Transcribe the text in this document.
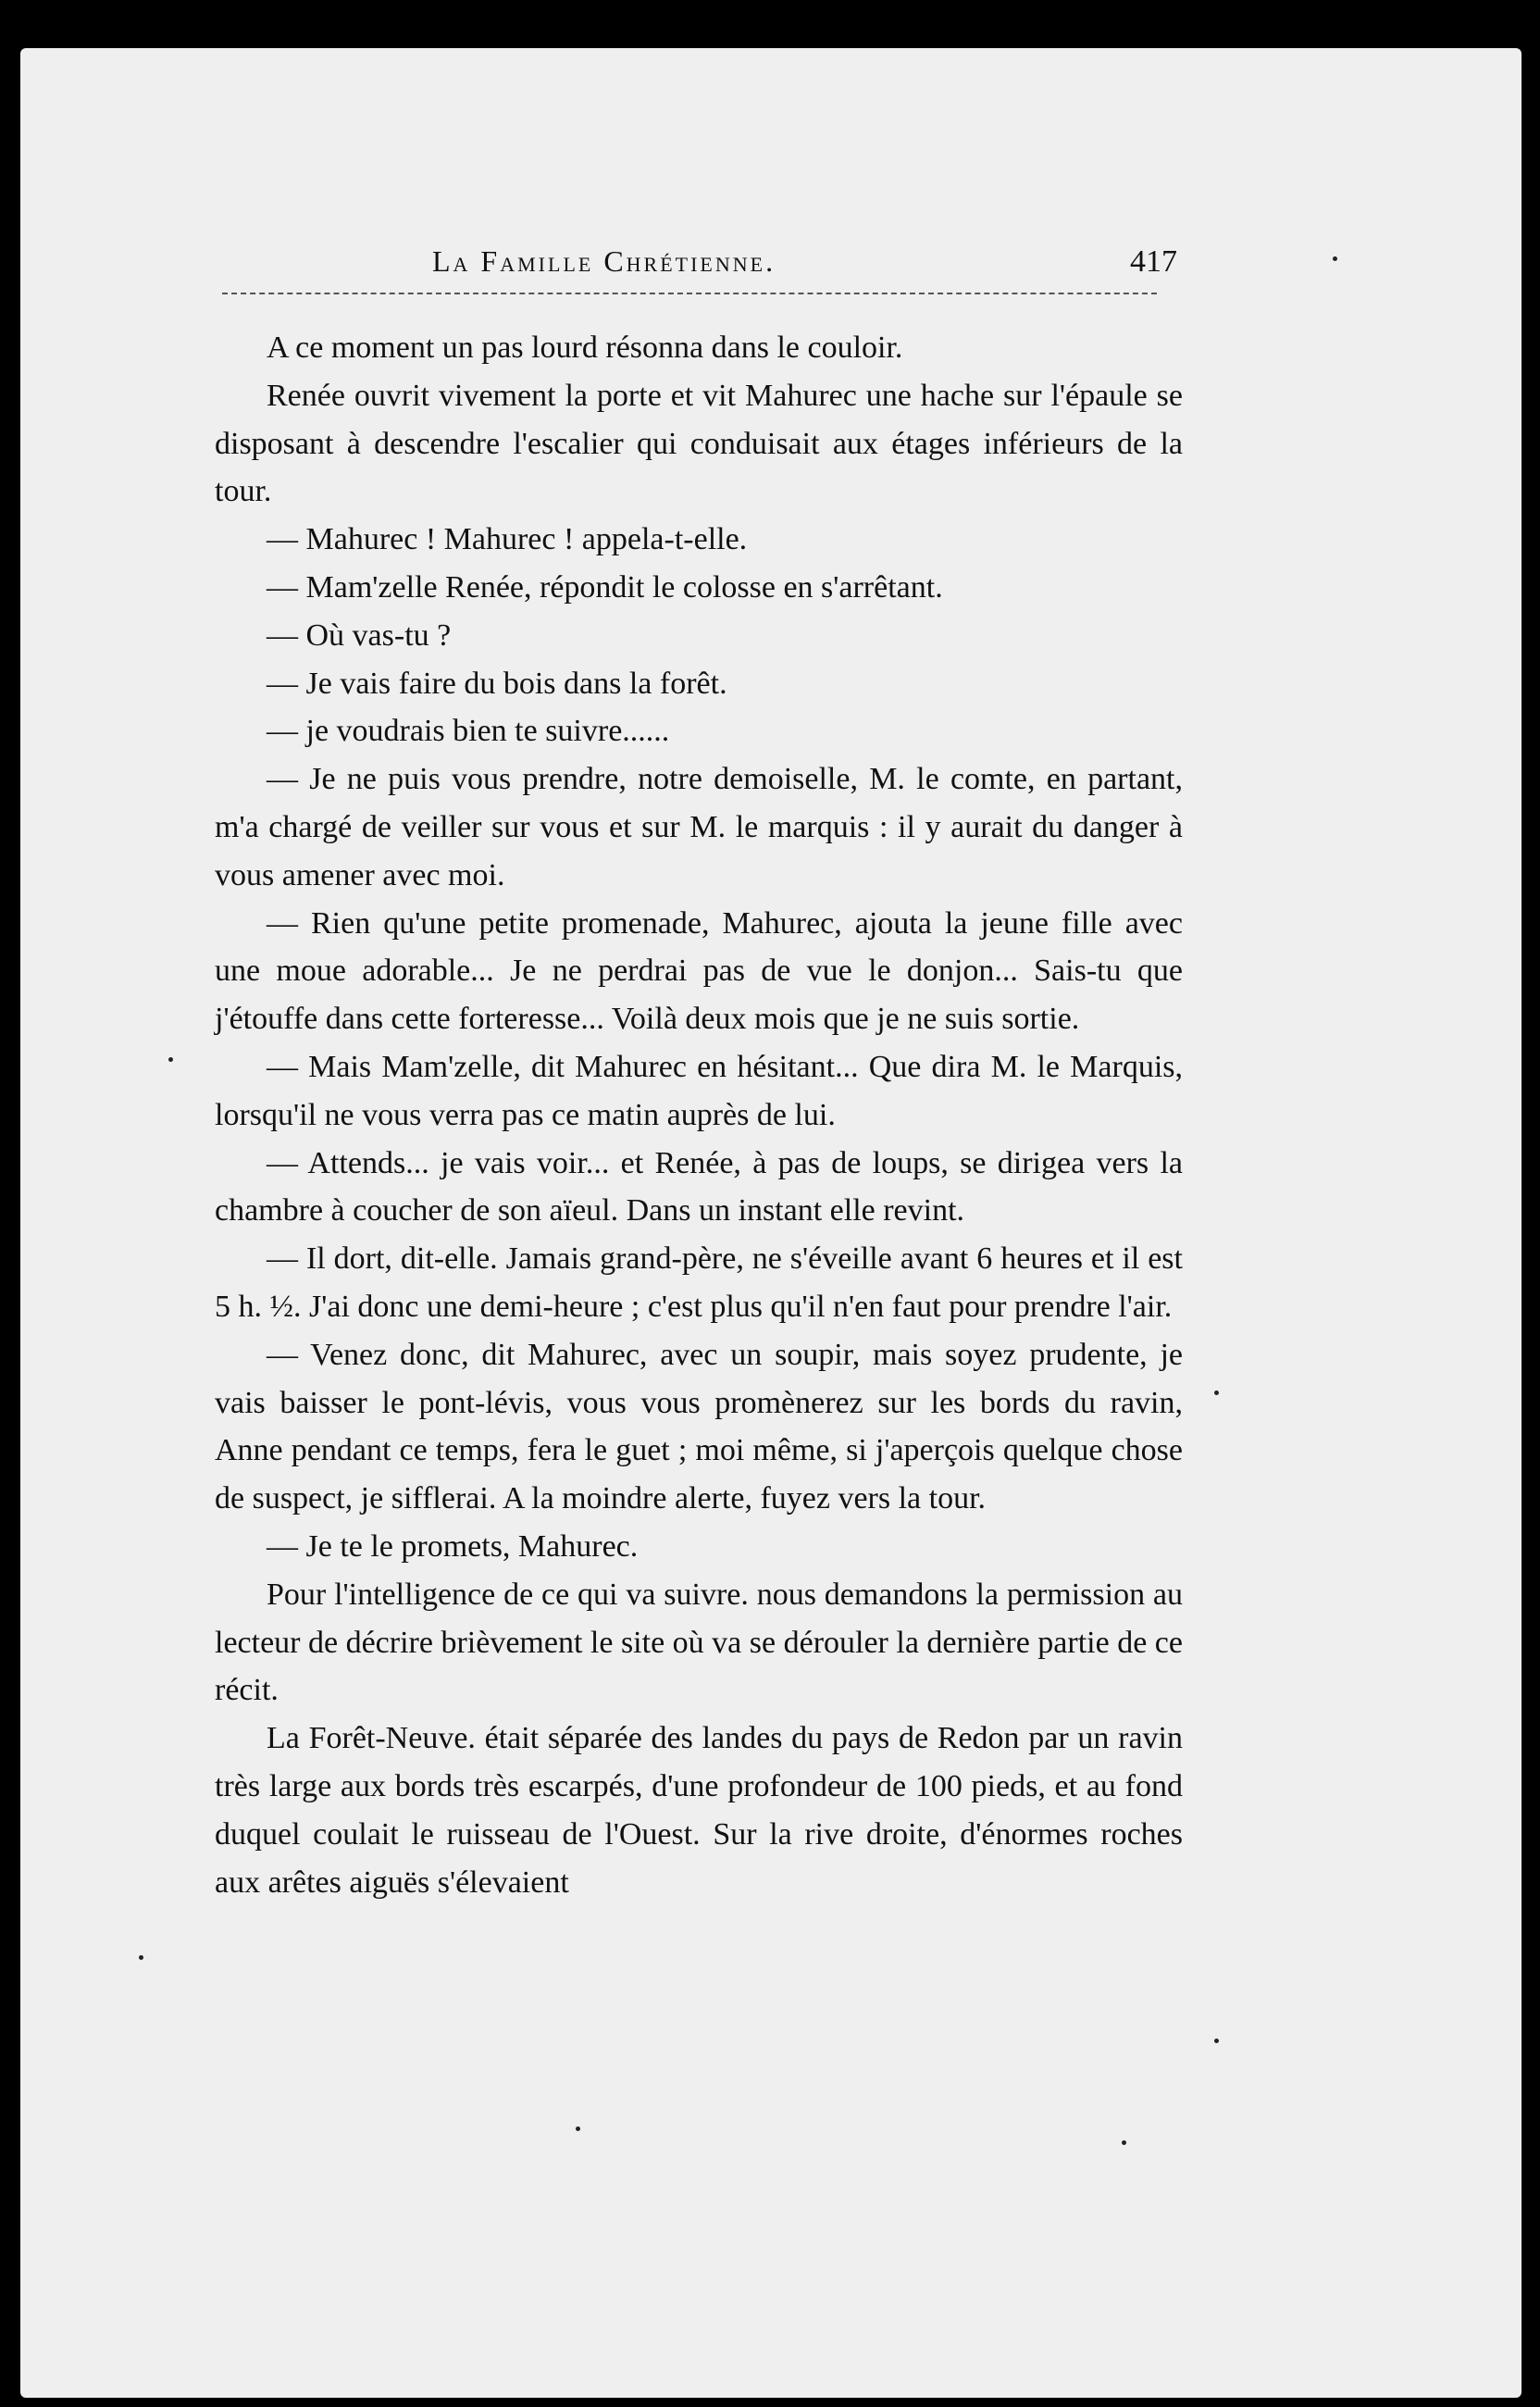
La Famille Chrétienne.	417

A ce moment un pas lourd résonna dans le couloir.

Renée ouvrit vivement la porte et vit Mahurec une hache sur l'épaule se disposant à descendre l'escalier qui conduisait aux étages inférieurs de la tour.

— Mahurec ! Mahurec ! appela-t-elle.

— Mam'zelle Renée, répondit le colosse en s'arrêtant.

— Où vas-tu ?

— Je vais faire du bois dans la forêt.

— je voudrais bien te suivre......

— Je ne puis vous prendre, notre demoiselle, M. le comte, en partant, m'a chargé de veiller sur vous et sur M. le marquis : il y aurait du danger à vous amener avec moi.

— Rien qu'une petite promenade, Mahurec, ajouta la jeune fille avec une moue adorable... Je ne perdrai pas de vue le donjon... Sais-tu que j'étouffe dans cette forteresse... Voilà deux mois que je ne suis sortie.

— Mais Mam'zelle, dit Mahurec en hésitant... Que dira M. le Marquis, lorsqu'il ne vous verra pas ce matin auprès de lui.

— Attends... je vais voir... et Renée, à pas de loups, se dirigea vers la chambre à coucher de son aïeul. Dans un instant elle revint.

— Il dort, dit-elle. Jamais grand-père, ne s'éveille avant 6 heures et il est 5 h. ½. J'ai donc une demi-heure ; c'est plus qu'il n'en faut pour prendre l'air.

— Venez donc, dit Mahurec, avec un soupir, mais soyez prudente, je vais baisser le pont-lévis, vous vous promènerez sur les bords du ravin, Anne pendant ce temps, fera le guet ; moi même, si j'aperçois quelque chose de suspect, je sifflerai. A la moindre alerte, fuyez vers la tour.

— Je te le promets, Mahurec.

Pour l'intelligence de ce qui va suivre. nous demandons la permission au lecteur de décrire brièvement le site où va se dérouler la dernière partie de ce récit.

La Forêt-Neuve. était séparée des landes du pays de Redon par un ravin très large aux bords très escarpés, d'une profondeur de 100 pieds, et au fond duquel coulait le ruisseau de l'Ouest. Sur la rive droite, d'énormes roches aux arêtes aiguës s'élevaient
